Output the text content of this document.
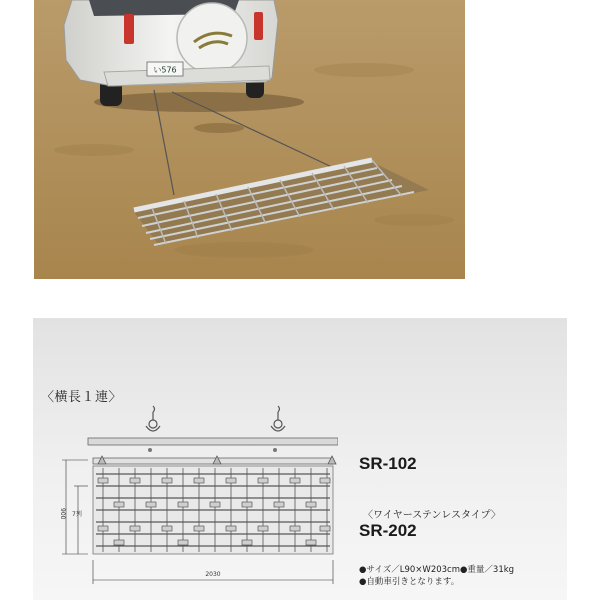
い576
〈横長１連〉
900 7列
2030
SR-102
〈ワイヤーステンレスタイプ〉
SR-202
●サイズ／L90×W203cm●重量／31kg
●自動車引きとなります。
